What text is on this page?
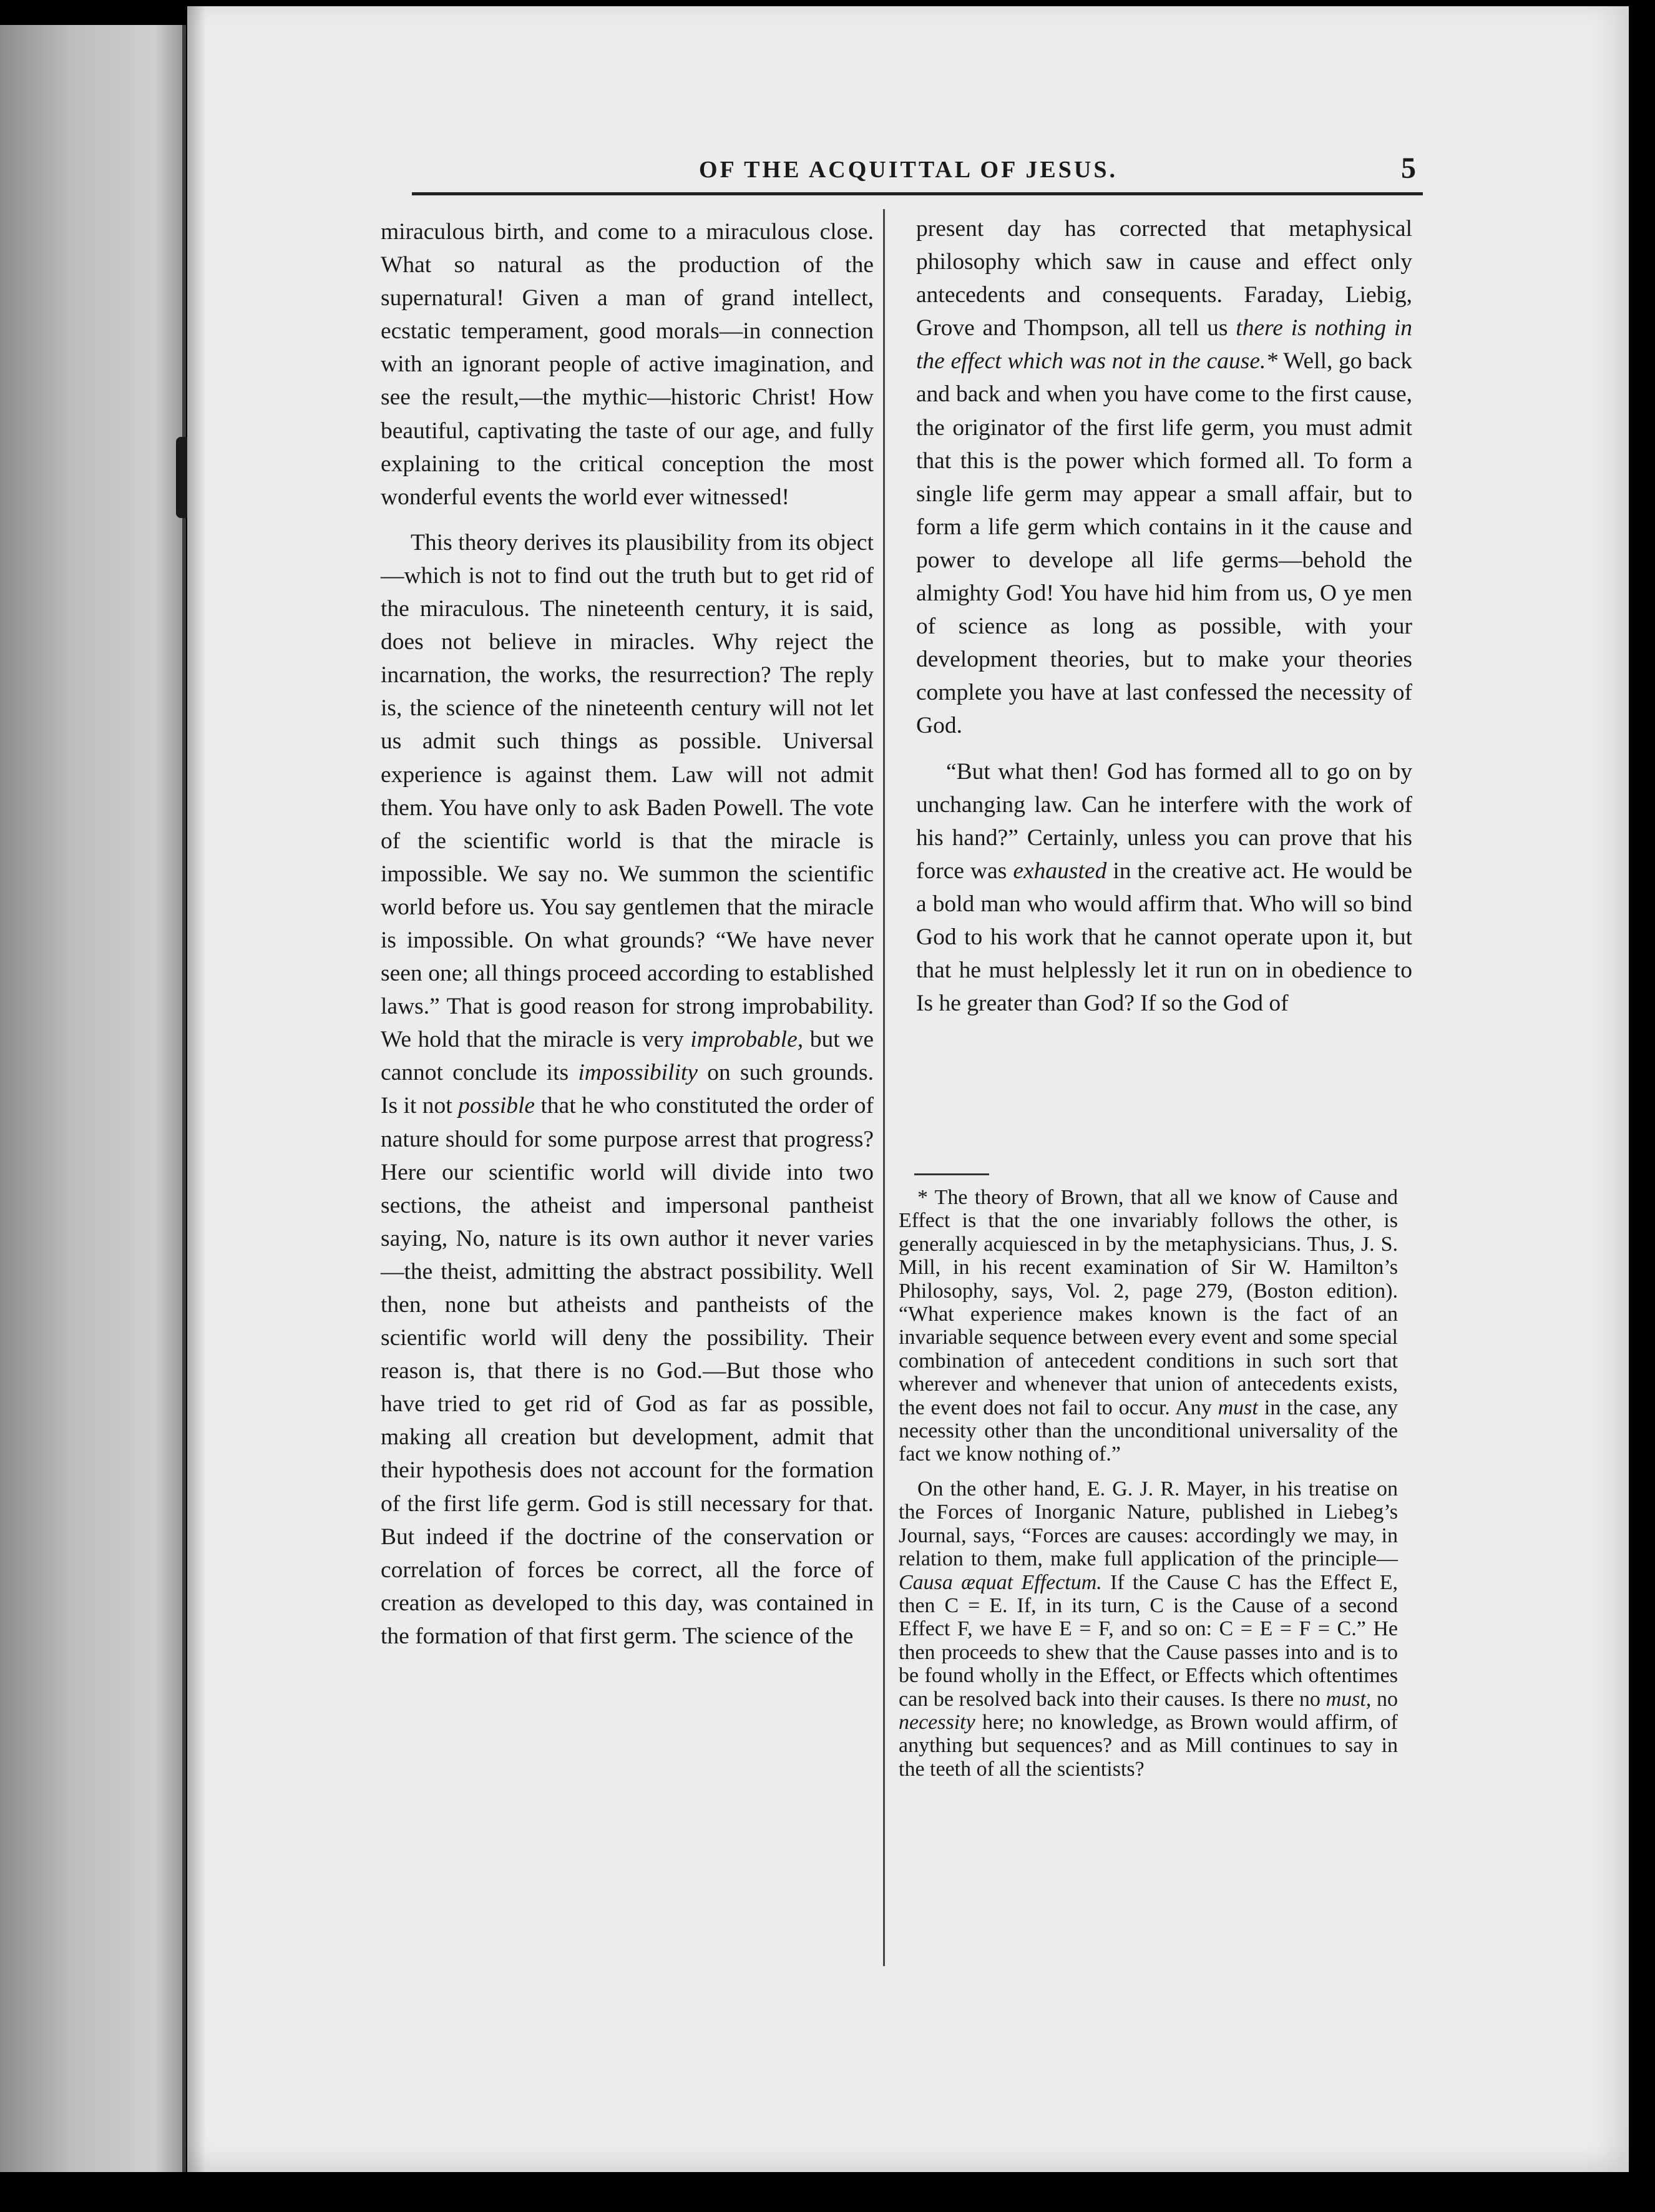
OF THE ACQUITTAL OF JESUS.	5

miraculous birth, and come to a miraculous close. What so natural as the production of the supernatural! Given a man of grand intellect, ecstatic temperament, good morals—in connection with an ignorant people of active imagination, and see the result,—the mythic—historic Christ! How beautiful, captivating the taste of our age, and fully explaining to the critical conception the most wonderful events the world ever witnessed!

This theory derives its plausibility from its object—which is not to find out the truth but to get rid of the miraculous. The nineteenth century, it is said, does not believe in miracles. Why reject the incarnation, the works, the resurrection? The reply is, the science of the nineteenth century will not let us admit such things as possible. Universal experience is against them. Law will not admit them. You have only to ask Baden Powell. The vote of the scientific world is that the miracle is impossible. We say no. We summon the scientific world before us. You say gentlemen that the miracle is impossible. On what grounds? “We have never seen one; all things proceed according to established laws.” That is good reason for strong improbability. We hold that the miracle is very improbable, but we cannot conclude its impossibility on such grounds. Is it not possible that he who constituted the order of nature should for some purpose arrest that progress? Here our scientific world will divide into two sections, the atheist and impersonal pantheist saying, No, nature is its own author it never varies—the theist, admitting the abstract possibility. Well then, none but atheists and pantheists of the scientific world will deny the possibility. Their reason is, that there is no God.—But those who have tried to get rid of God as far as possible, making all creation but development, admit that their hypothesis does not account for the formation of the first life germ. God is still necessary for that. But indeed if the doctrine of the conservation or correlation of forces be correct, all the force of creation as developed to this day, was contained in the formation of that first germ. The science of the

present day has corrected that metaphysical philosophy which saw in cause and effect only antecedents and consequents. Faraday, Liebig, Grove and Thompson, all tell us there is nothing in the effect which was not in the cause.* Well, go back and back and when you have come to the first cause, the originator of the first life germ, you must admit that this is the power which formed all. To form a single life germ may appear a small affair, but to form a life germ which contains in it the cause and power to develope all life germs—behold the almighty God! You have hid him from us, O ye men of science as long as possible, with your development theories, but to make your theories complete you have at last confessed the necessity of God.

“But what then! God has formed all to go on by unchanging law. Can he interfere with the work of his hand?” Certainly, unless you can prove that his force was exhausted in the creative act. He would be a bold man who would affirm that. Who will so bind God to his work that he cannot operate upon it, but that he must helplessly let it run on in obedience to Is he greater than God? If so the God of

* The theory of Brown, that all we know of Cause and Effect is that the one invariably follows the other, is generally acquiesced in by the metaphysicians. Thus, J. S. Mill, in his recent examination of Sir W. Hamilton’s Philosophy, says, Vol. 2, page 279, (Boston edition). “What experience makes known is the fact of an invariable sequence between every event and some special combination of antecedent conditions in such sort that wherever and whenever that union of antecedents exists, the event does not fail to occur. Any must in the case, any necessity other than the unconditional universality of the fact we know nothing of.”

On the other hand, E. G. J. R. Mayer, in his treatise on the Forces of Inorganic Nature, published in Liebeg’s Journal, says, “Forces are causes: accordingly we may, in relation to them, make full application of the principle—Causa æquat Effectum. If the Cause C has the Effect E, then C = E. If, in its turn, C is the Cause of a second Effect F, we have E = F, and so on: C = E = F = C.” He then proceeds to shew that the Cause passes into and is to be found wholly in the Effect, or Effects which oftentimes can be resolved back into their causes. Is there no must, no necessity here; no knowledge, as Brown would affirm, of anything but sequences? and as Mill continues to say in the teeth of all the scientists?
